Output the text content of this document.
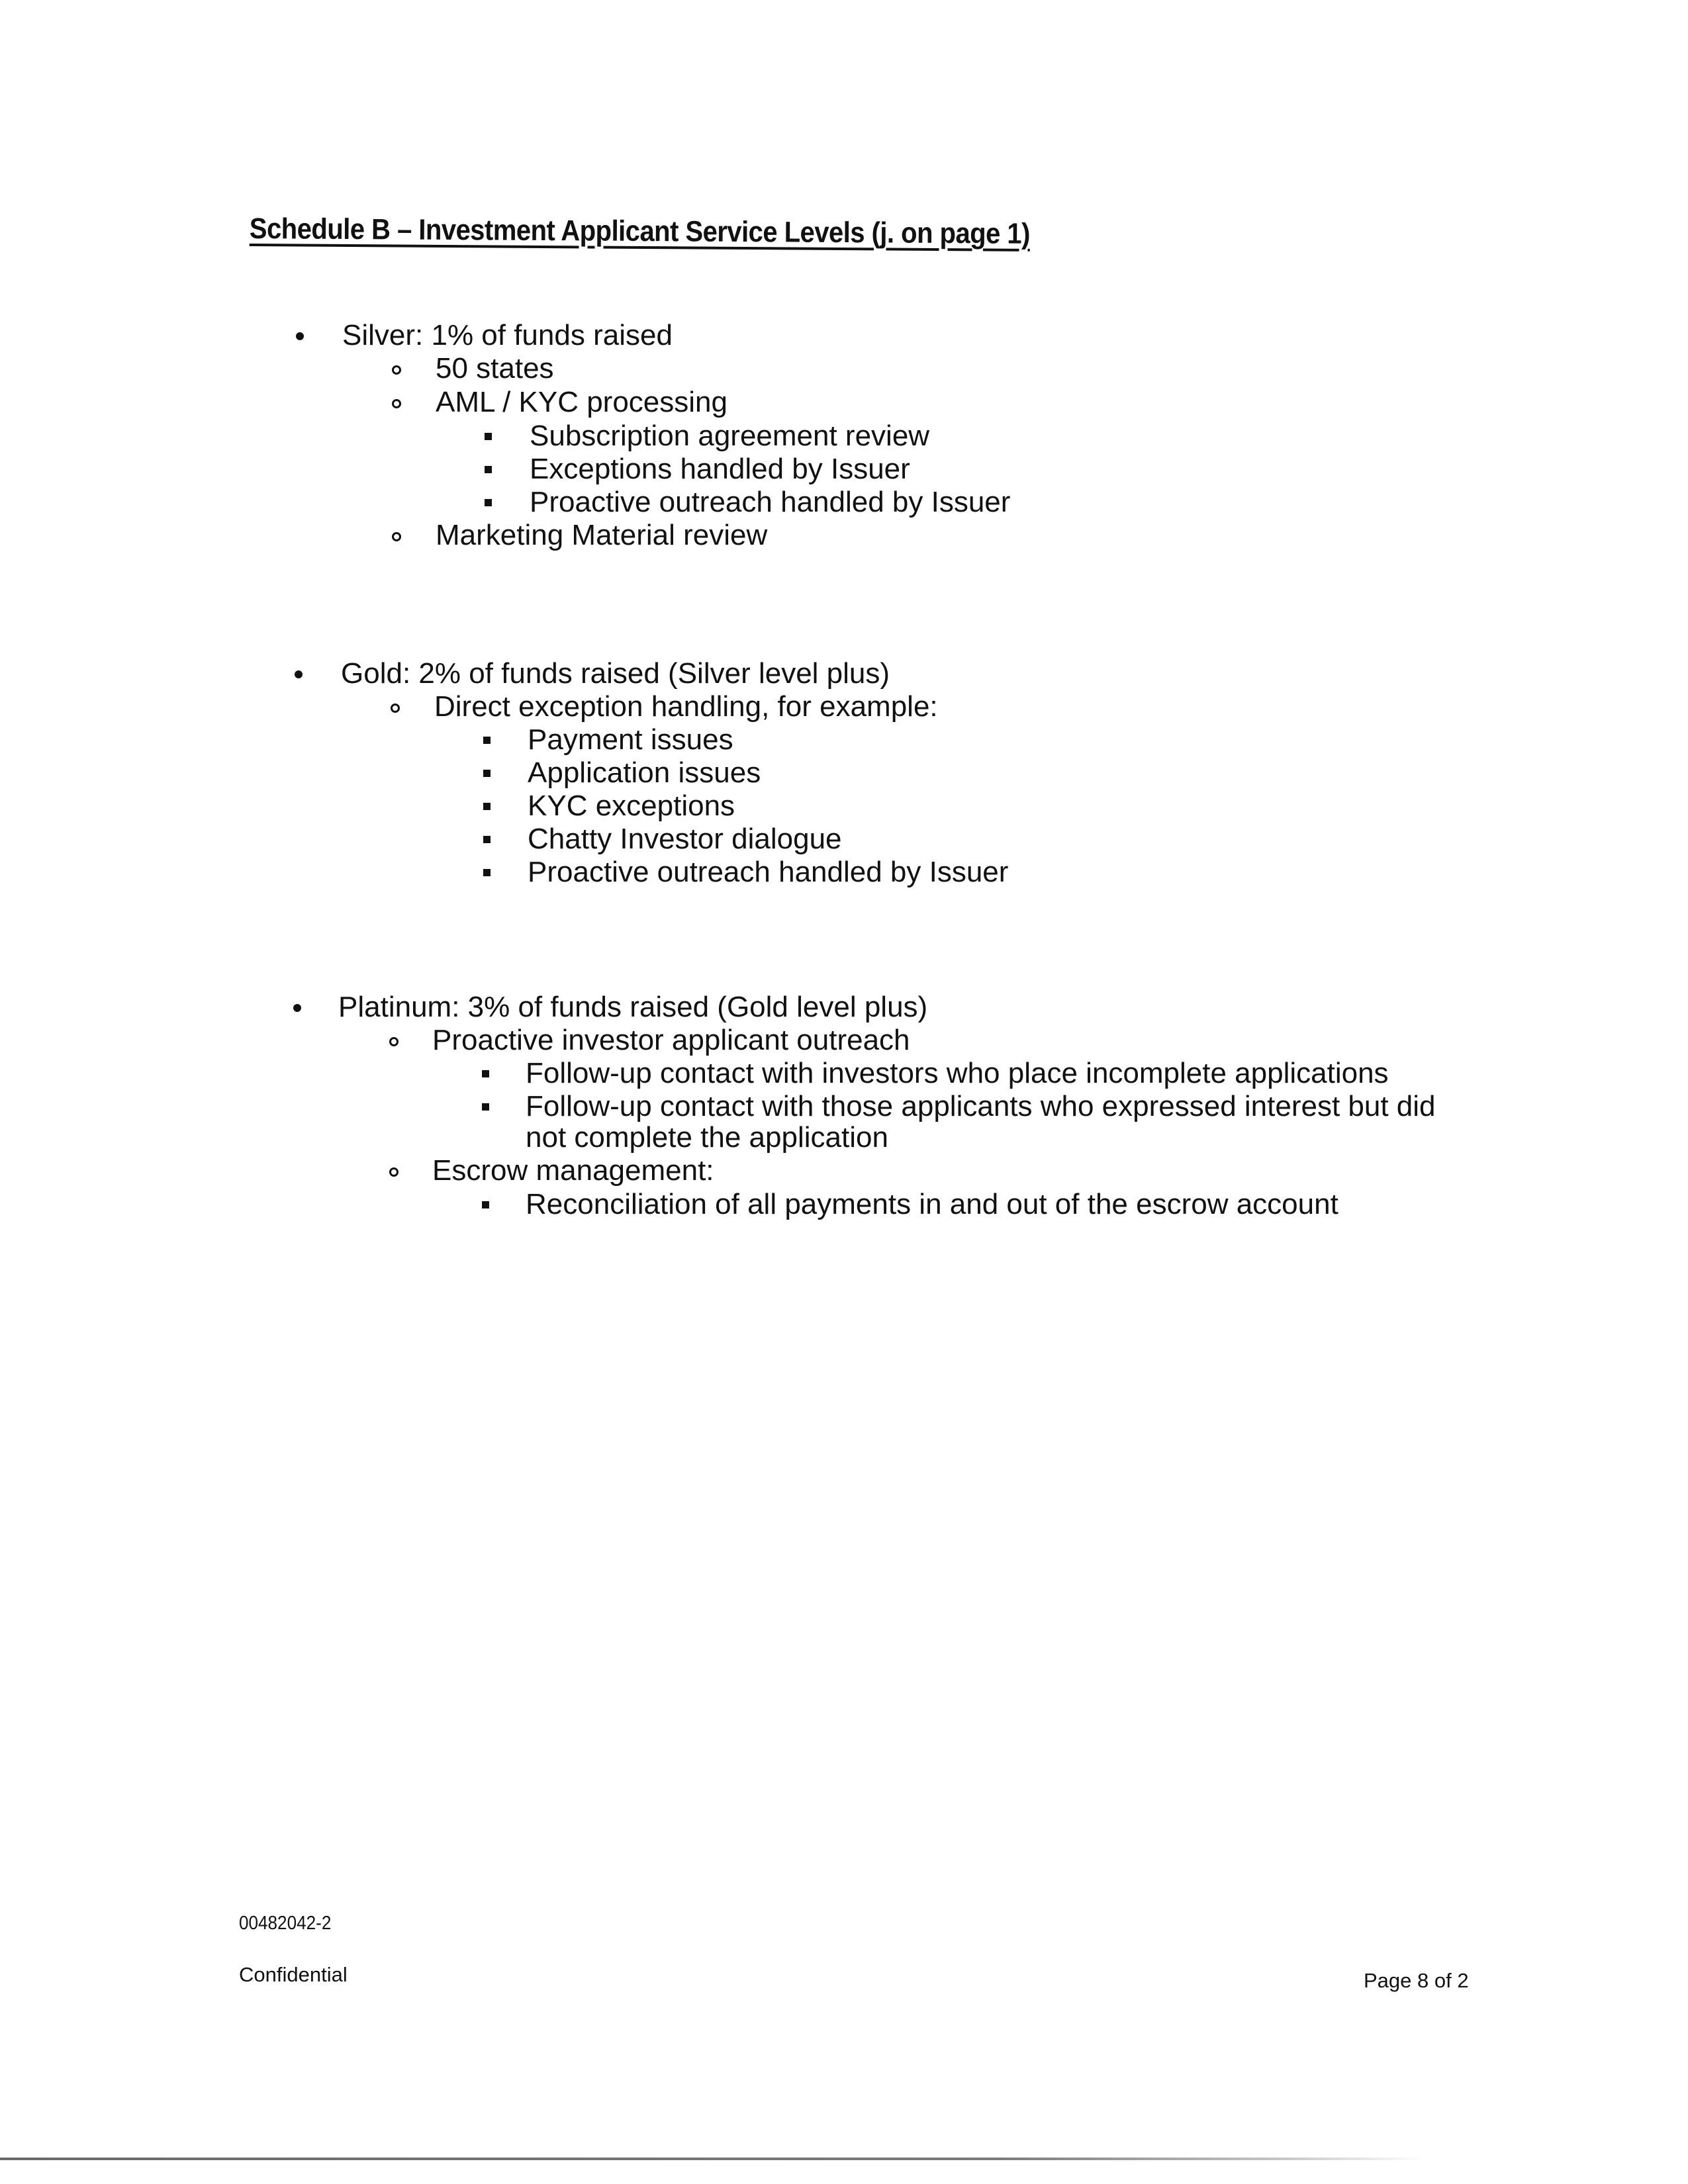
Schedule B – Investment Applicant Service Levels (j. on page 1)
Silver: 1% of funds raised
50 states
AML / KYC processing
Subscription agreement review
Exceptions handled by Issuer
Proactive outreach handled by Issuer
Marketing Material review
Gold: 2% of funds raised (Silver level plus)
Direct exception handling, for example:
Payment issues
Application issues
KYC exceptions
Chatty Investor dialogue
Proactive outreach handled by Issuer
Platinum: 3% of funds raised (Gold level plus)
Proactive investor applicant outreach
Follow-up contact with investors who place incomplete applications
Follow-up contact with those applicants who expressed interest but did
not complete the application
Escrow management:
Reconciliation of all payments in and out of the escrow account
00482042-2
Confidential	Page 8 of 2
